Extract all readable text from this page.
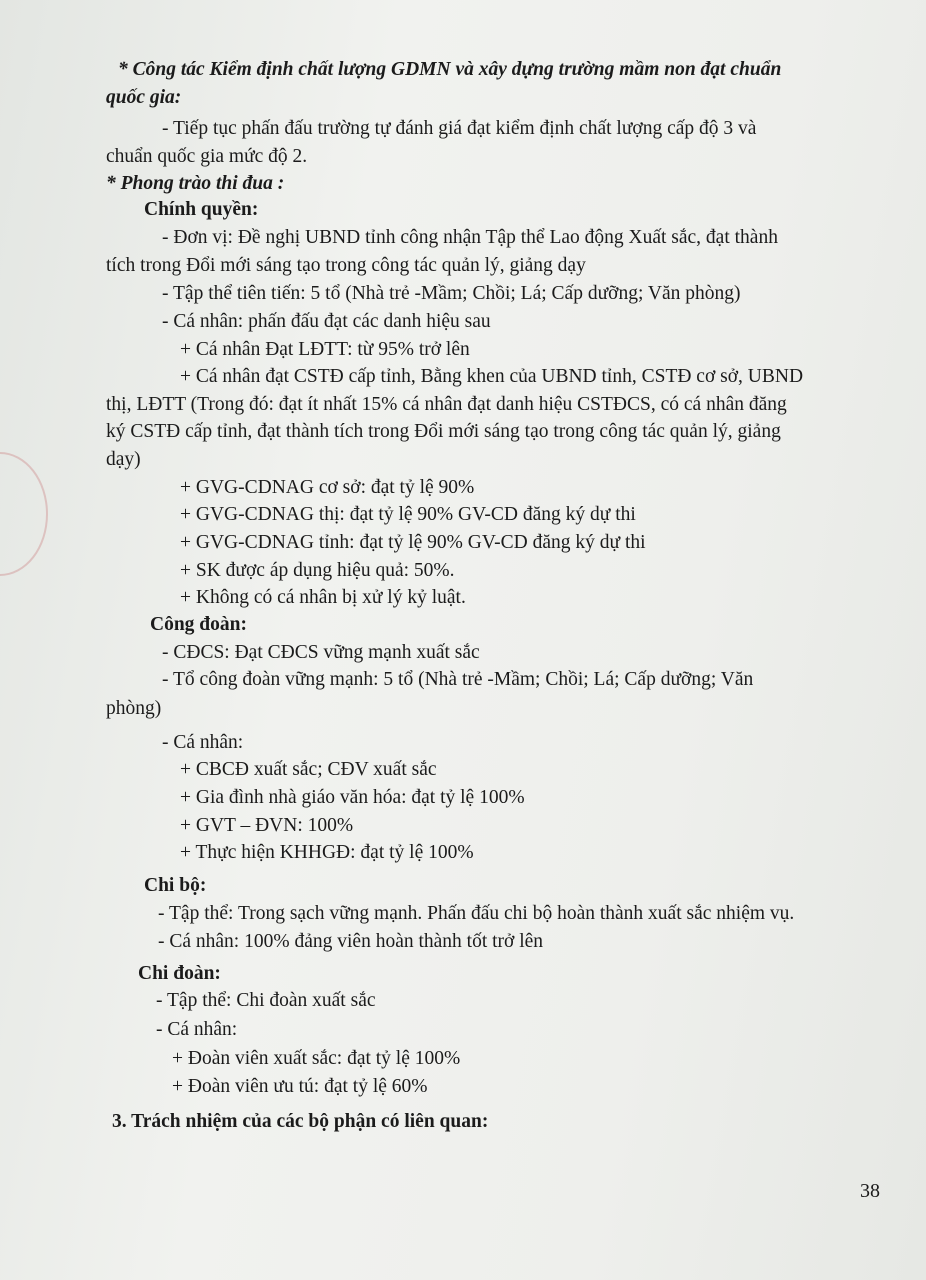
* Công tác Kiểm định chất lượng GDMN và xây dựng trường mầm non đạt chuẩn
quốc gia:
- Tiếp tục phấn đấu trường tự đánh giá đạt kiểm định chất lượng cấp độ 3 và
chuẩn quốc gia mức độ 2.
* Phong trào thi đua :
Chính quyền:
- Đơn vị: Đề nghị UBND tỉnh công nhận Tập thể Lao động Xuất sắc, đạt thành
tích trong Đổi mới sáng tạo trong công tác quản lý, giảng dạy
- Tập thể tiên tiến: 5 tổ (Nhà trẻ -Mầm; Chồi; Lá; Cấp dưỡng; Văn phòng)
- Cá nhân: phấn đấu đạt các danh hiệu sau
+ Cá nhân Đạt LĐTT: từ 95% trở lên
+ Cá nhân đạt CSTĐ cấp tỉnh, Bằng khen của UBND tỉnh, CSTĐ cơ sở, UBND
thị, LĐTT (Trong đó: đạt ít nhất 15% cá nhân đạt danh hiệu CSTĐCS, có cá nhân đăng
ký CSTĐ cấp tỉnh, đạt thành tích trong Đổi mới sáng tạo trong công tác quản lý, giảng
dạy)
+ GVG-CDNAG cơ sở: đạt tỷ lệ 90%
+ GVG-CDNAG thị: đạt tỷ lệ 90% GV-CD đăng ký dự thi
+ GVG-CDNAG tỉnh: đạt tỷ lệ 90% GV-CD đăng ký dự thi
+ SK được áp dụng hiệu quả: 50%.
+ Không có cá nhân bị xử lý kỷ luật.
Công đoàn:
- CĐCS: Đạt CĐCS vững mạnh xuất sắc
- Tổ công đoàn vững mạnh: 5 tổ (Nhà trẻ -Mầm; Chồi; Lá; Cấp dưỡng; Văn
phòng)
- Cá nhân:
+ CBCĐ xuất sắc; CĐV xuất sắc
+ Gia đình nhà giáo văn hóa: đạt tỷ lệ 100%
+ GVT – ĐVN: 100%
+ Thực hiện KHHGĐ: đạt tỷ lệ 100%
Chi bộ:
- Tập thể: Trong sạch vững mạnh. Phấn đấu chi bộ hoàn thành xuất sắc nhiệm vụ.
- Cá nhân: 100% đảng viên hoàn thành tốt trở lên
Chi đoàn:
- Tập thể: Chi đoàn xuất sắc
- Cá nhân:
+ Đoàn viên xuất sắc: đạt tỷ lệ 100%
+ Đoàn viên ưu tú: đạt tỷ lệ 60%
3. Trách nhiệm của các bộ phận có liên quan:
38
